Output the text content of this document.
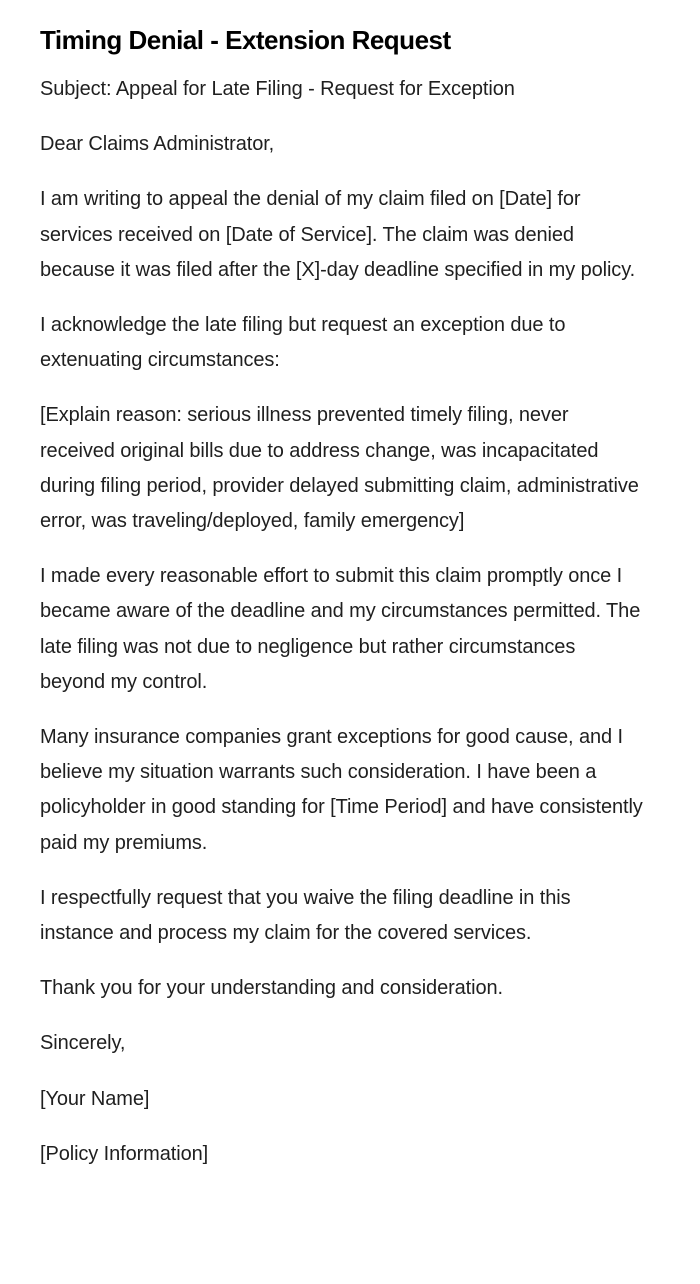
Timing Denial - Extension Request

Subject: Appeal for Late Filing - Request for Exception

Dear Claims Administrator,

I am writing to appeal the denial of my claim filed on [Date] for services received on [Date of Service]. The claim was denied because it was filed after the [X]-day deadline specified in my policy.

I acknowledge the late filing but request an exception due to extenuating circumstances:

[Explain reason: serious illness prevented timely filing, never received original bills due to address change, was incapacitated during filing period, provider delayed submitting claim, administrative error, was traveling/deployed, family emergency]

I made every reasonable effort to submit this claim promptly once I became aware of the deadline and my circumstances permitted. The late filing was not due to negligence but rather circumstances beyond my control.

Many insurance companies grant exceptions for good cause, and I believe my situation warrants such consideration. I have been a policyholder in good standing for [Time Period] and have consistently paid my premiums.

I respectfully request that you waive the filing deadline in this instance and process my claim for the covered services.

Thank you for your understanding and consideration.

Sincerely,

[Your Name]

[Policy Information]
